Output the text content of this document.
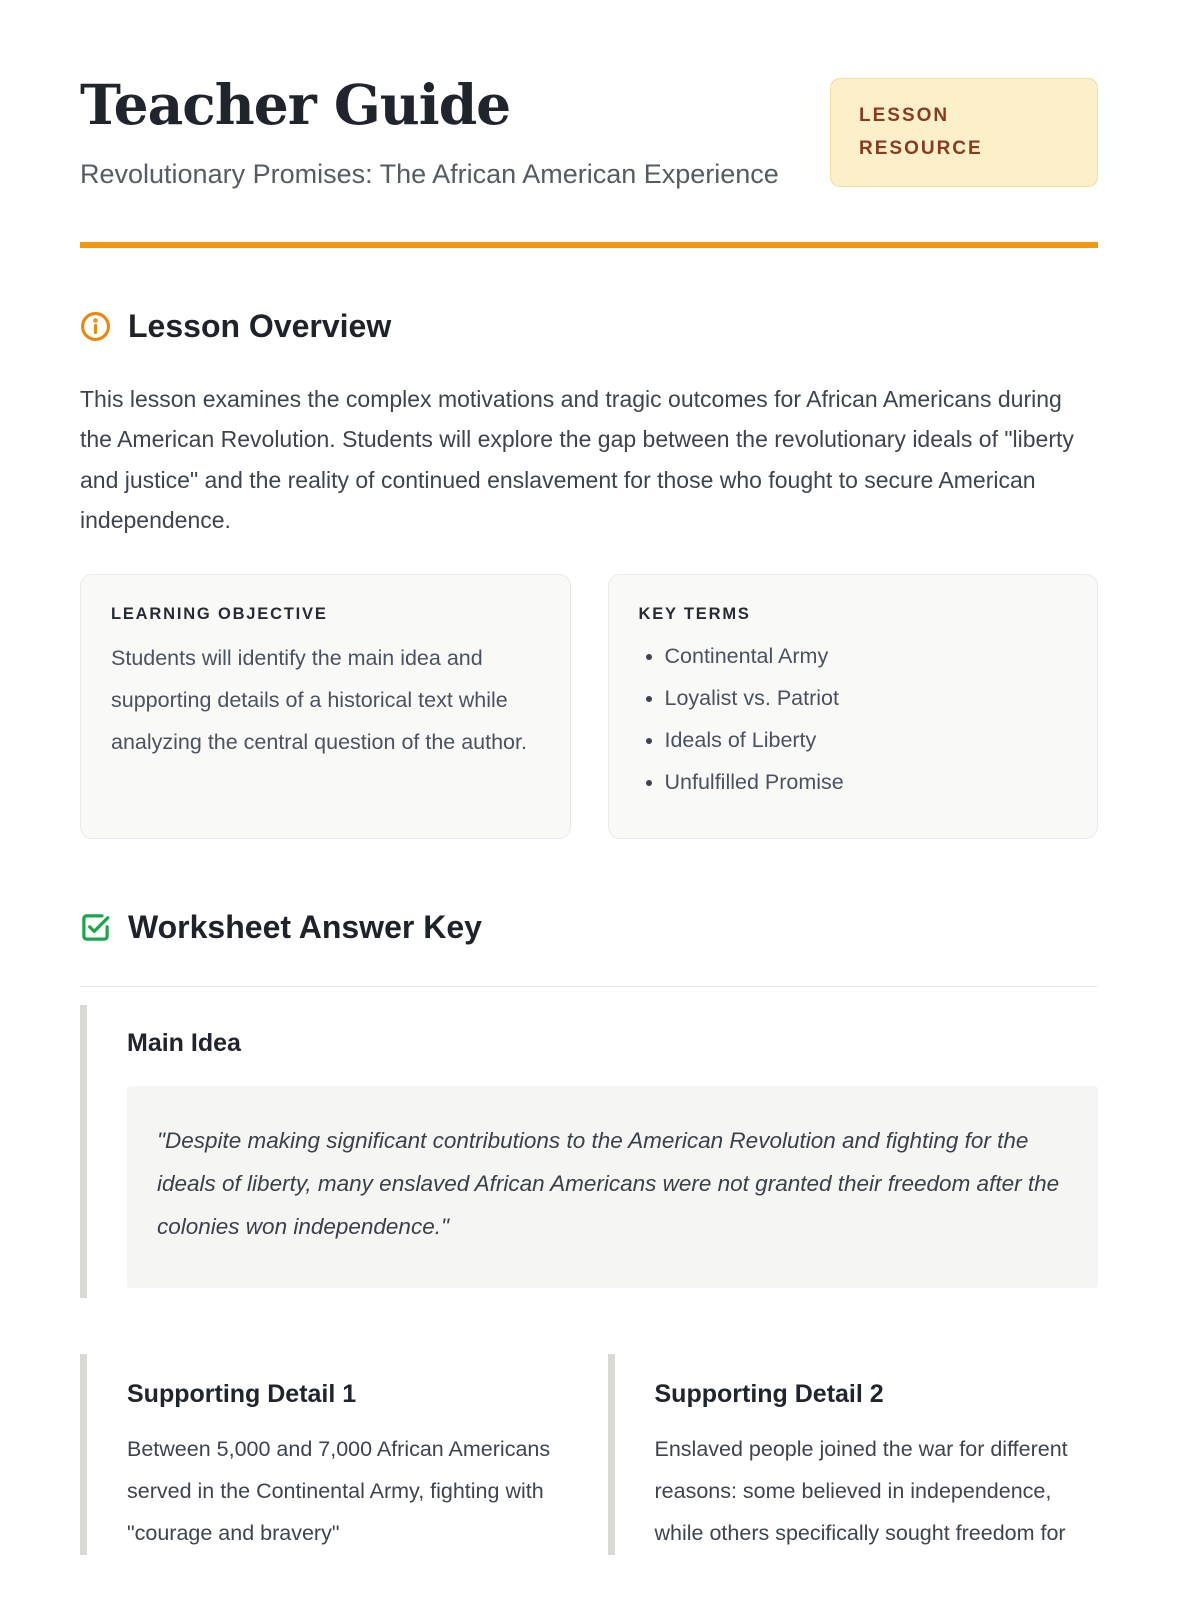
Teacher Guide
Revolutionary Promises: The African American Experience
LESSON RESOURCE
Lesson Overview

This lesson examines the complex motivations and tragic outcomes for African Americans during the American Revolution. Students will explore the gap between the revolutionary ideals of "liberty and justice" and the reality of continued enslavement for those who fought to secure American independence.

LEARNING OBJECTIVE

Students will identify the main idea and supporting details of a historical text while analyzing the central question of the author.

KEY TERMS
• Continental Army
• Loyalist vs. Patriot
• Ideals of Liberty
• Unfulfilled Promise
Worksheet Answer Key
Main Idea
"Despite making significant contributions to the American Revolution and fighting for the ideals of liberty, many enslaved African Americans were not granted their freedom after the colonies won independence."
Supporting Detail 1

Between 5,000 and 7,000 African Americans served in the Continental Army, fighting with "courage and bravery"

Supporting Detail 2

Enslaved people joined the war for different reasons: some believed in independence, while others specifically sought freedom for
